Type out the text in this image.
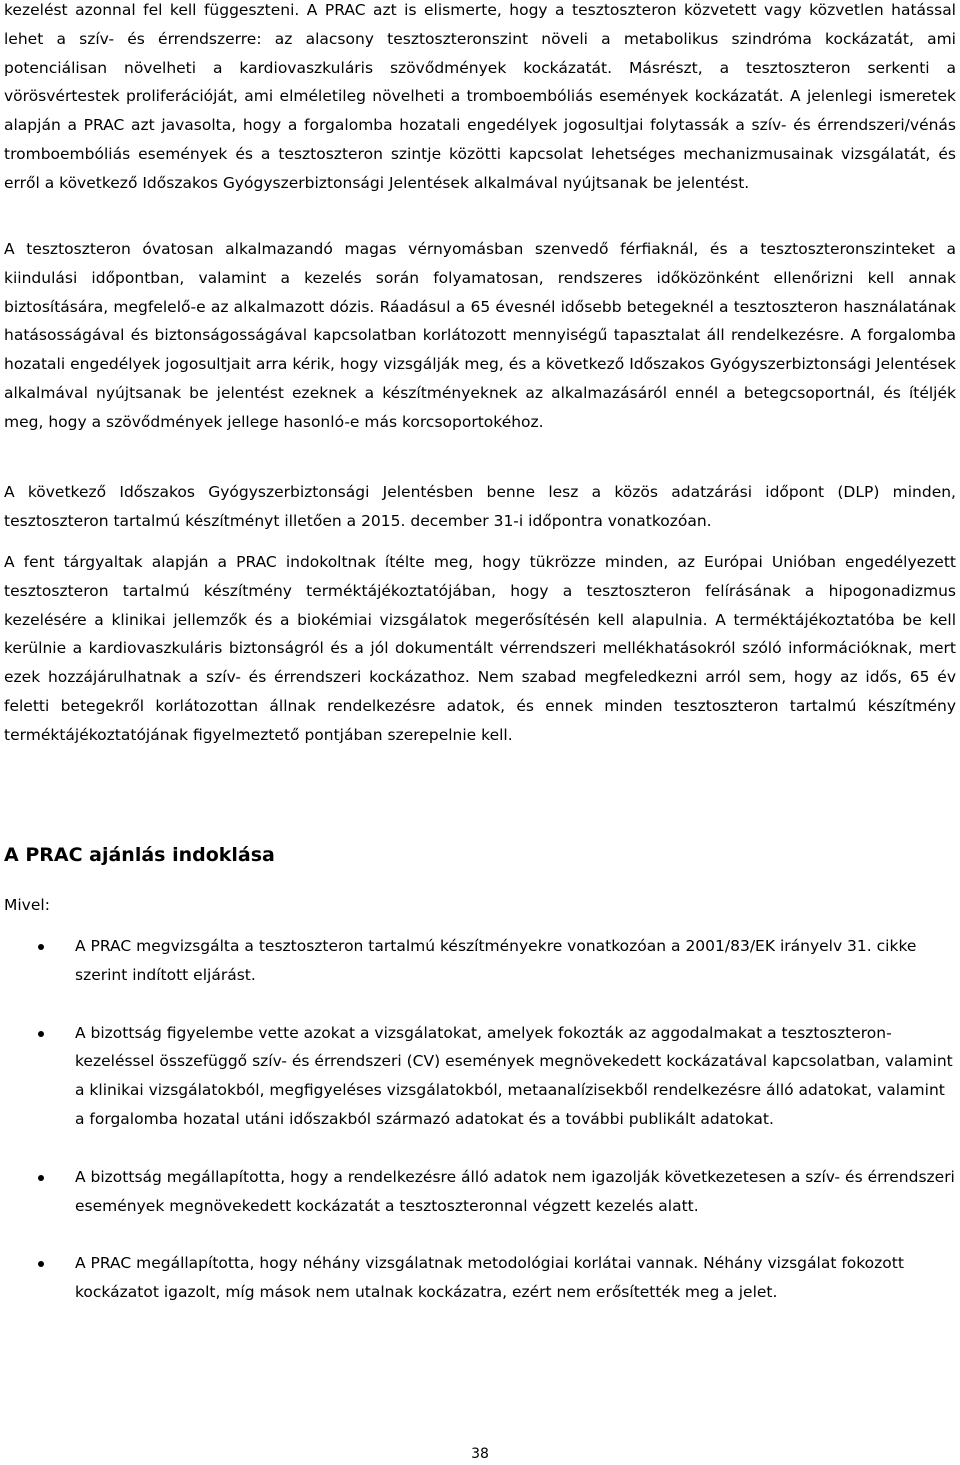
kezelést azonnal fel kell függeszteni. A PRAC azt is elismerte, hogy a tesztoszteron közvetett vagy közvetlen hatással lehet a szív- és érrendszerre: az alacsony tesztoszteronszint növeli a metabolikus szindróma kockázatát, ami potenciálisan növelheti a kardiovaszkuláris szövődmények kockázatát. Másrészt, a tesztoszteron serkenti a vörösvértestek proliferációját, ami elméletileg növelheti a tromboembóliás események kockázatát. A jelenlegi ismeretek alapján a PRAC azt javasolta, hogy a forgalomba hozatali engedélyek jogosultjai folytassák a szív- és érrendszeri/vénás tromboembóliás események és a tesztoszteron szintje közötti kapcsolat lehetséges mechanizmusainak vizsgálatát, és erről a következő Időszakos Gyógyszerbiztonsági Jelentések alkalmával nyújtsanak be jelentést.

A tesztoszteron óvatosan alkalmazandó magas vérnyomásban szenvedő férfiaknál, és a tesztoszteronszinteket a kiindulási időpontban, valamint a kezelés során folyamatosan, rendszeres időközönként ellenőrizni kell annak biztosítására, megfelelő-e az alkalmazott dózis. Ráadásul a 65 évesnél idősebb betegeknél a tesztoszteron használatának hatásosságával és biztonságosságával kapcsolatban korlátozott mennyiségű tapasztalat áll rendelkezésre. A forgalomba hozatali engedélyek jogosultjait arra kérik, hogy vizsgálják meg, és a következő Időszakos Gyógyszerbiztonsági Jelentések alkalmával nyújtsanak be jelentést ezeknek a készítményeknek az alkalmazásáról ennél a betegcsoportnál, és ítéljék meg, hogy a szövődmények jellege hasonló-e más korcsoportokéhoz.

A következő Időszakos Gyógyszerbiztonsági Jelentésben benne lesz a közös adatzárási időpont (DLP) minden, tesztoszteron tartalmú készítményt illetően a 2015. december 31-i időpontra vonatkozóan.

A fent tárgyaltak alapján a PRAC indokoltnak ítélte meg, hogy tükrözze minden, az Európai Unióban engedélyezett tesztoszteron tartalmú készítmény terméktájékoztatójában, hogy a tesztoszteron felírásának a hipogonadizmus kezelésére a klinikai jellemzők és a biokémiai vizsgálatok megerősítésén kell alapulnia. A terméktájékoztatóba be kell kerülnie a kardiovaszkuláris biztonságról és a jól dokumentált vérrendszeri mellékhatásokról szóló információknak, mert ezek hozzájárulhatnak a szív- és érrendszeri kockázathoz. Nem szabad megfeledkezni arról sem, hogy az idős, 65 év feletti betegekről korlátozottan állnak rendelkezésre adatok, és ennek minden tesztoszteron tartalmú készítmény terméktájékoztatójának figyelmeztető pontjában szerepelnie kell.

A PRAC ajánlás indoklása

Mivel:

A PRAC megvizsgálta a tesztoszteron tartalmú készítményekre vonatkozóan a 2001/83/EK irányelv 31. cikke szerint indított eljárást.
A bizottság figyelembe vette azokat a vizsgálatokat, amelyek fokozták az aggodalmakat a tesztoszteron-kezeléssel összefüggő szív- és érrendszeri (CV) események megnövekedett kockázatával kapcsolatban, valamint a klinikai vizsgálatokból, megfigyeléses vizsgálatokból, metaanalízisekből rendelkezésre álló adatokat, valamint a forgalomba hozatal utáni időszakból származó adatokat és a további publikált adatokat.
A bizottság megállapította, hogy a rendelkezésre álló adatok nem igazolják következetesen a szív- és érrendszeri események megnövekedett kockázatát a tesztoszteronnal végzett kezelés alatt.
A PRAC megállapította, hogy néhány vizsgálatnak metodológiai korlátai vannak. Néhány vizsgálat fokozott kockázatot igazolt, míg mások nem utalnak kockázatra, ezért nem erősítették meg a jelet.
38
